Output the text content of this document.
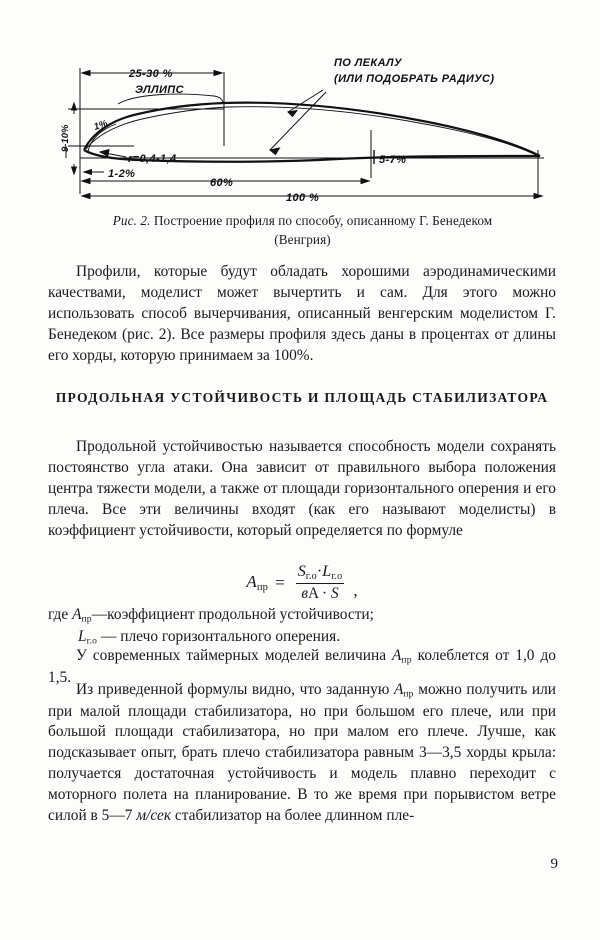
25-30 %
ЭЛЛИПС
9-10% 1%
r=0,4-1,4
1-2%
60%
100 %
5-7%
ПО ЛЕКАЛУ
(ИЛИ ПОДОБРАТЬ РАДИУС)
Рис. 2. Построение профиля по способу, описанному Г. Бенедеком
(Венгрия)

Профили, которые будут обладать хорошими аэродинамическими качествами, моделист может вычертить и сам. Для этого можно использовать способ вычерчивания, описанный венгерским моделистом Г. Бенедеком (рис. 2). Все размеры профиля здесь даны в процентах от длины его хорды, которую принимаем за 100%.

ПРОДОЛЬНАЯ УСТОЙЧИВОСТЬ И ПЛОЩАДЬ СТАБИЛИЗАТОРА

Продольной устойчивостью называется способность модели сохранять постоянство угла атаки. Она зависит от правильного выбора положения центра тяжести модели, а также от площади горизонтального оперения и его плеча. Все эти величины входят (как его называют моделисты) в коэффициент устойчивости, который определяется по формуле

$A_{пр} = \frac{S_{г.о}\cdot L_{г.о}}{вA \cdot S}$ ,
где $A_{пр}—коэффициент$ продольной устойчивости;
$L_{г.о}$ — плечо горизонтального оперения.

У современных таймерных моделей величина $A_{пр}$ колеблется от 1,0 до 1,5.

Из приведенной формулы видно, что заданную $A_{пр}$ можно получить или при малой площади стабилизатора, но при большом его плече, или при большой площади стабилизатора, но при малом его плече. Лучше, как подсказывает опыт, брать плечо стабилизатора равным 3—3,5 хорды крыла: получается достаточная устойчивость и модель плавно переходит с моторного полета на планирование. В то же время при порывистом ветре силой в 5—7 м/сек стабилизатор на более длинном пле-

9
